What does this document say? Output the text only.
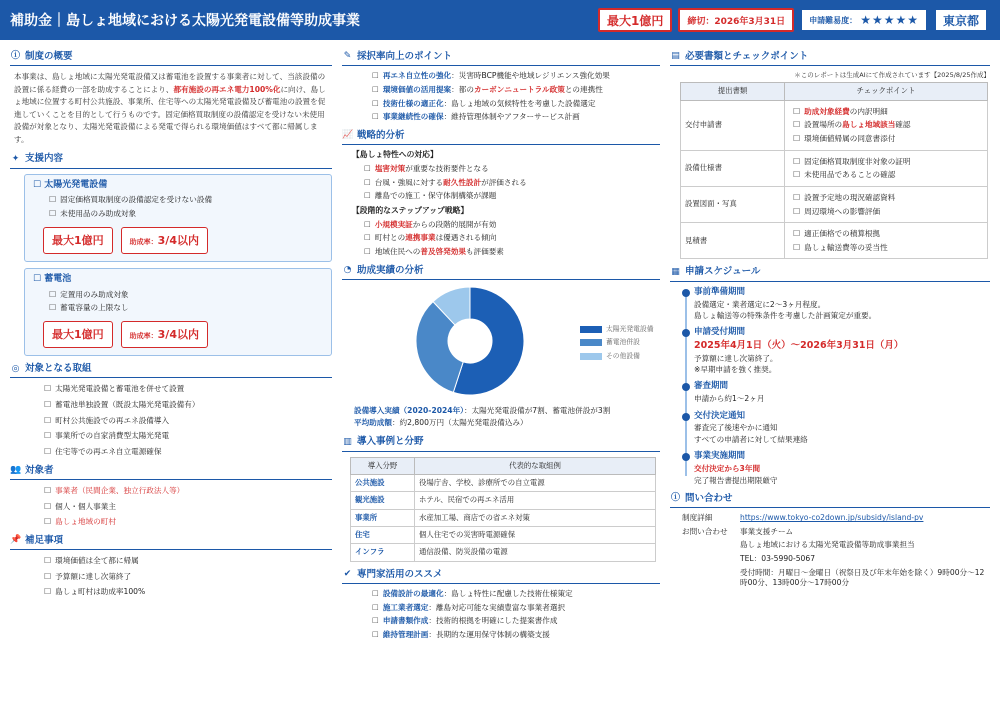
補助金｜島しょ地域における太陽光発電設備等助成事業	最大1億円	締切：2026年3月31日	申請難易度： ★★★★★	東京都
ⓘ 制度の概要

本事業は、島しょ地域に太陽光発電設備又は蓄電池を設置する事業者に対して、当該設備の設置に係る経費の一部を助成することにより、都有施設の再エネ電力100%化に向け、島しょ地域に位置する町村公共施設、事業所、住宅等への太陽光発電設備及び蓄電池の設置を促進していくことを目的として行うものです。固定価格買取制度の設備認定を受けない未使用設備が対象となり、太陽光発電設備による発電で得られる環境価値はすべて都に帰属します。

✦ 支援内容
☐ 太陽光発電設備
☐ 固定価格買取制度の設備認定を受けない設備
☐ 未使用品のみ助成対象
最大1億円	助成率：3/4以内
☐ 蓄電池
☐ 定置用のみ助成対象
☐ 蓄電容量の上限なし
最大1億円	助成率：3/4以内
◎ 対象となる取組
☐ 太陽光発電設備と蓄電池を併せて設置
☐ 蓄電池単独設置（既設太陽光発電設備有）
☐ 町村公共施設での再エネ設備導入
☐ 事業所での自家消費型太陽光発電
☐ 住宅等での再エネ自立電源確保
👥 対象者
☐ 事業者（民間企業、独立行政法人等）
☐ 個人・個人事業主
☐ 島しょ地域の町村
📌 補足事項
☐ 環境価値は全て都に帰属
☐ 予算額に達し次第終了
☐ 島しょ町村は助成率100%
✎ 採択率向上のポイント
☐ 再エネ自立性の強化：災害時BCP機能や地域レジリエンス強化効果
☐ 環境価値の活用提案：都のカーボンニュートラル政策との連携性
☐ 技術仕様の適正化：島しょ地域の気候特性を考慮した設備選定
☐ 事業継続性の確保：維持管理体制やアフターサービス計画
📈 戦略的分析
【島しょ特性への対応】
☐ 塩害対策が重要な技術要件となる
☐ 台風・強風に対する耐久性設計が評価される
☐ 離島での施工・保守体制構築が課題
【段階的なステップアップ戦略】
☐ 小規模実証からの段階的展開が有効
☐ 町村との連携事業は優遇される傾向
☐ 地域住民への普及啓発効果も評価要素
◔ 助成実績の分析
太陽光発電設備
蓄電池併設
その他設備
設備導入実績（2020-2024年）：太陽光発電設備が7割、蓄電池併設が3割
平均助成額：約2,800万円（太陽光発電設備込み）
▥ 導入事例と分野
導入分野	代表的な取組例
公共施設	役場庁舎、学校、診療所での自立電源
観光施設	ホテル、民宿での再エネ活用
事業所	水産加工場、商店での省エネ対策
住宅	個人住宅での災害時電源確保
インフラ	通信設備、防災設備の電源
✔ 専門家活用のススメ
☐ 設備設計の最適化：島しょ特性に配慮した技術仕様策定
☐ 施工業者選定：離島対応可能な実績豊富な事業者選択
☐ 申請書類作成：技術的根拠を明確にした提案書作成
☐ 維持管理計画：長期的な運用保守体制の構築支援
▤ 必要書類とチェックポイント
＊このレポートは生成AIにて作成されています【2025/8/25作成】
提出書類	チェックポイント
交付申請書	☐ 助成対象経費の内訳明細
☐ 設置場所の島しょ地域該当確認
☐ 環境価値帰属の同意書添付

設備仕様書	☐ 固定価格買取制度非対象の証明
☐ 未使用品であることの確認

設置図面・写真	☐ 設置予定地の現況確認資料
☐ 周辺環境への影響評価

見積書	☐ 適正価格での積算根拠
☐ 島しょ輸送費等の妥当性
▦ 申請スケジュール
事前準備期間
設備選定・業者選定に2〜3ヶ月程度。
島しょ輸送等の特殊条件を考慮した計画策定が重要。
申請受付期間
2025年4月1日（火）〜2026年3月31日（月）
予算額に達し次第終了。
※早期申請を強く推奨。
審査期間
申請から約1〜2ヶ月
交付決定通知
審査完了後速やかに通知
すべての申請者に対して結果連絡
事業実施期間
交付決定から3年間
完了報告書提出期限厳守
ⓘ 問い合わせ
制度詳細	https://www.tokyo-co2down.jp/subsidy/island-pv
お問い合わせ	事業支援チーム
島しょ地域における太陽光発電設備等助成事業担当
TEL：03-5990-5067
受付時間：月曜日～金曜日（祝祭日及び年末年始を除く）9時00分～12時00分、13時00分～17時00分
